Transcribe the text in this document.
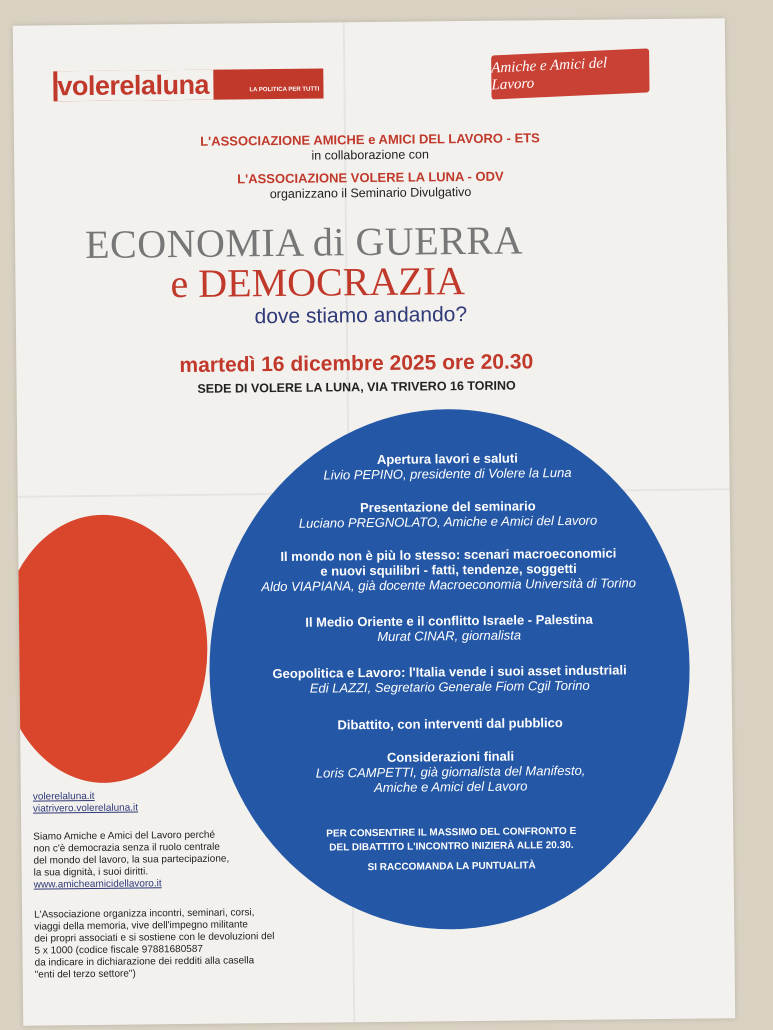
volerelaluna	LA POLITICA PER TUTTI
Amiche e Amici del Lavoro
L'ASSOCIAZIONE AMICHE e AMICI DEL LAVORO - ETS
in collaborazione con
L'ASSOCIAZIONE VOLERE LA LUNA - ODV
organizzano il Seminario Divulgativo
ECONOMIA di GUERRA
e DEMOCRAZIA
dove stiamo andando?
martedì 16 dicembre 2025 ore 20.30
SEDE DI VOLERE LA LUNA, VIA TRIVERO 16 TORINO
Apertura lavori e saluti
Livio PEPINO, presidente di Volere la Luna
Presentazione del seminario
Luciano PREGNOLATO, Amiche e Amici del Lavoro
Il mondo non è più lo stesso: scenari macroeconomici
e nuovi squilibri - fatti, tendenze, soggetti
Aldo VIAPIANA, già docente Macroeconomia Università di Torino
Il Medio Oriente e il conflitto Israele - Palestina
Murat CINAR, giornalista
Geopolitica e Lavoro: l'Italia vende i suoi asset industriali
Edi LAZZI, Segretario Generale Fiom Cgil Torino
Dibattito, con interventi dal pubblico
Considerazioni finali
Loris CAMPETTI, già giornalista del Manifesto,
Amiche e Amici del Lavoro
PER CONSENTIRE IL MASSIMO DEL CONFRONTO E
DEL DIBATTITO L'INCONTRO INIZIERÀ ALLE 20.30.
SI RACCOMANDA LA PUNTUALITÀ
volerelaluna.it
viatrivero.volerelaluna.it
Siamo Amiche e Amici del Lavoro perché
non c'è democrazia senza il ruolo centrale
del mondo del lavoro, la sua partecipazione,
la sua dignità, i suoi diritti.
www.amicheamicidellavoro.it
L'Associazione organizza incontri, seminari, corsi,
viaggi della memoria, vive dell'impegno militante
dei propri associati e si sostiene con le devoluzioni del
5 x 1000 (codice fiscale 97881680587
da indicare in dichiarazione dei redditi alla casella
"enti del terzo settore")
